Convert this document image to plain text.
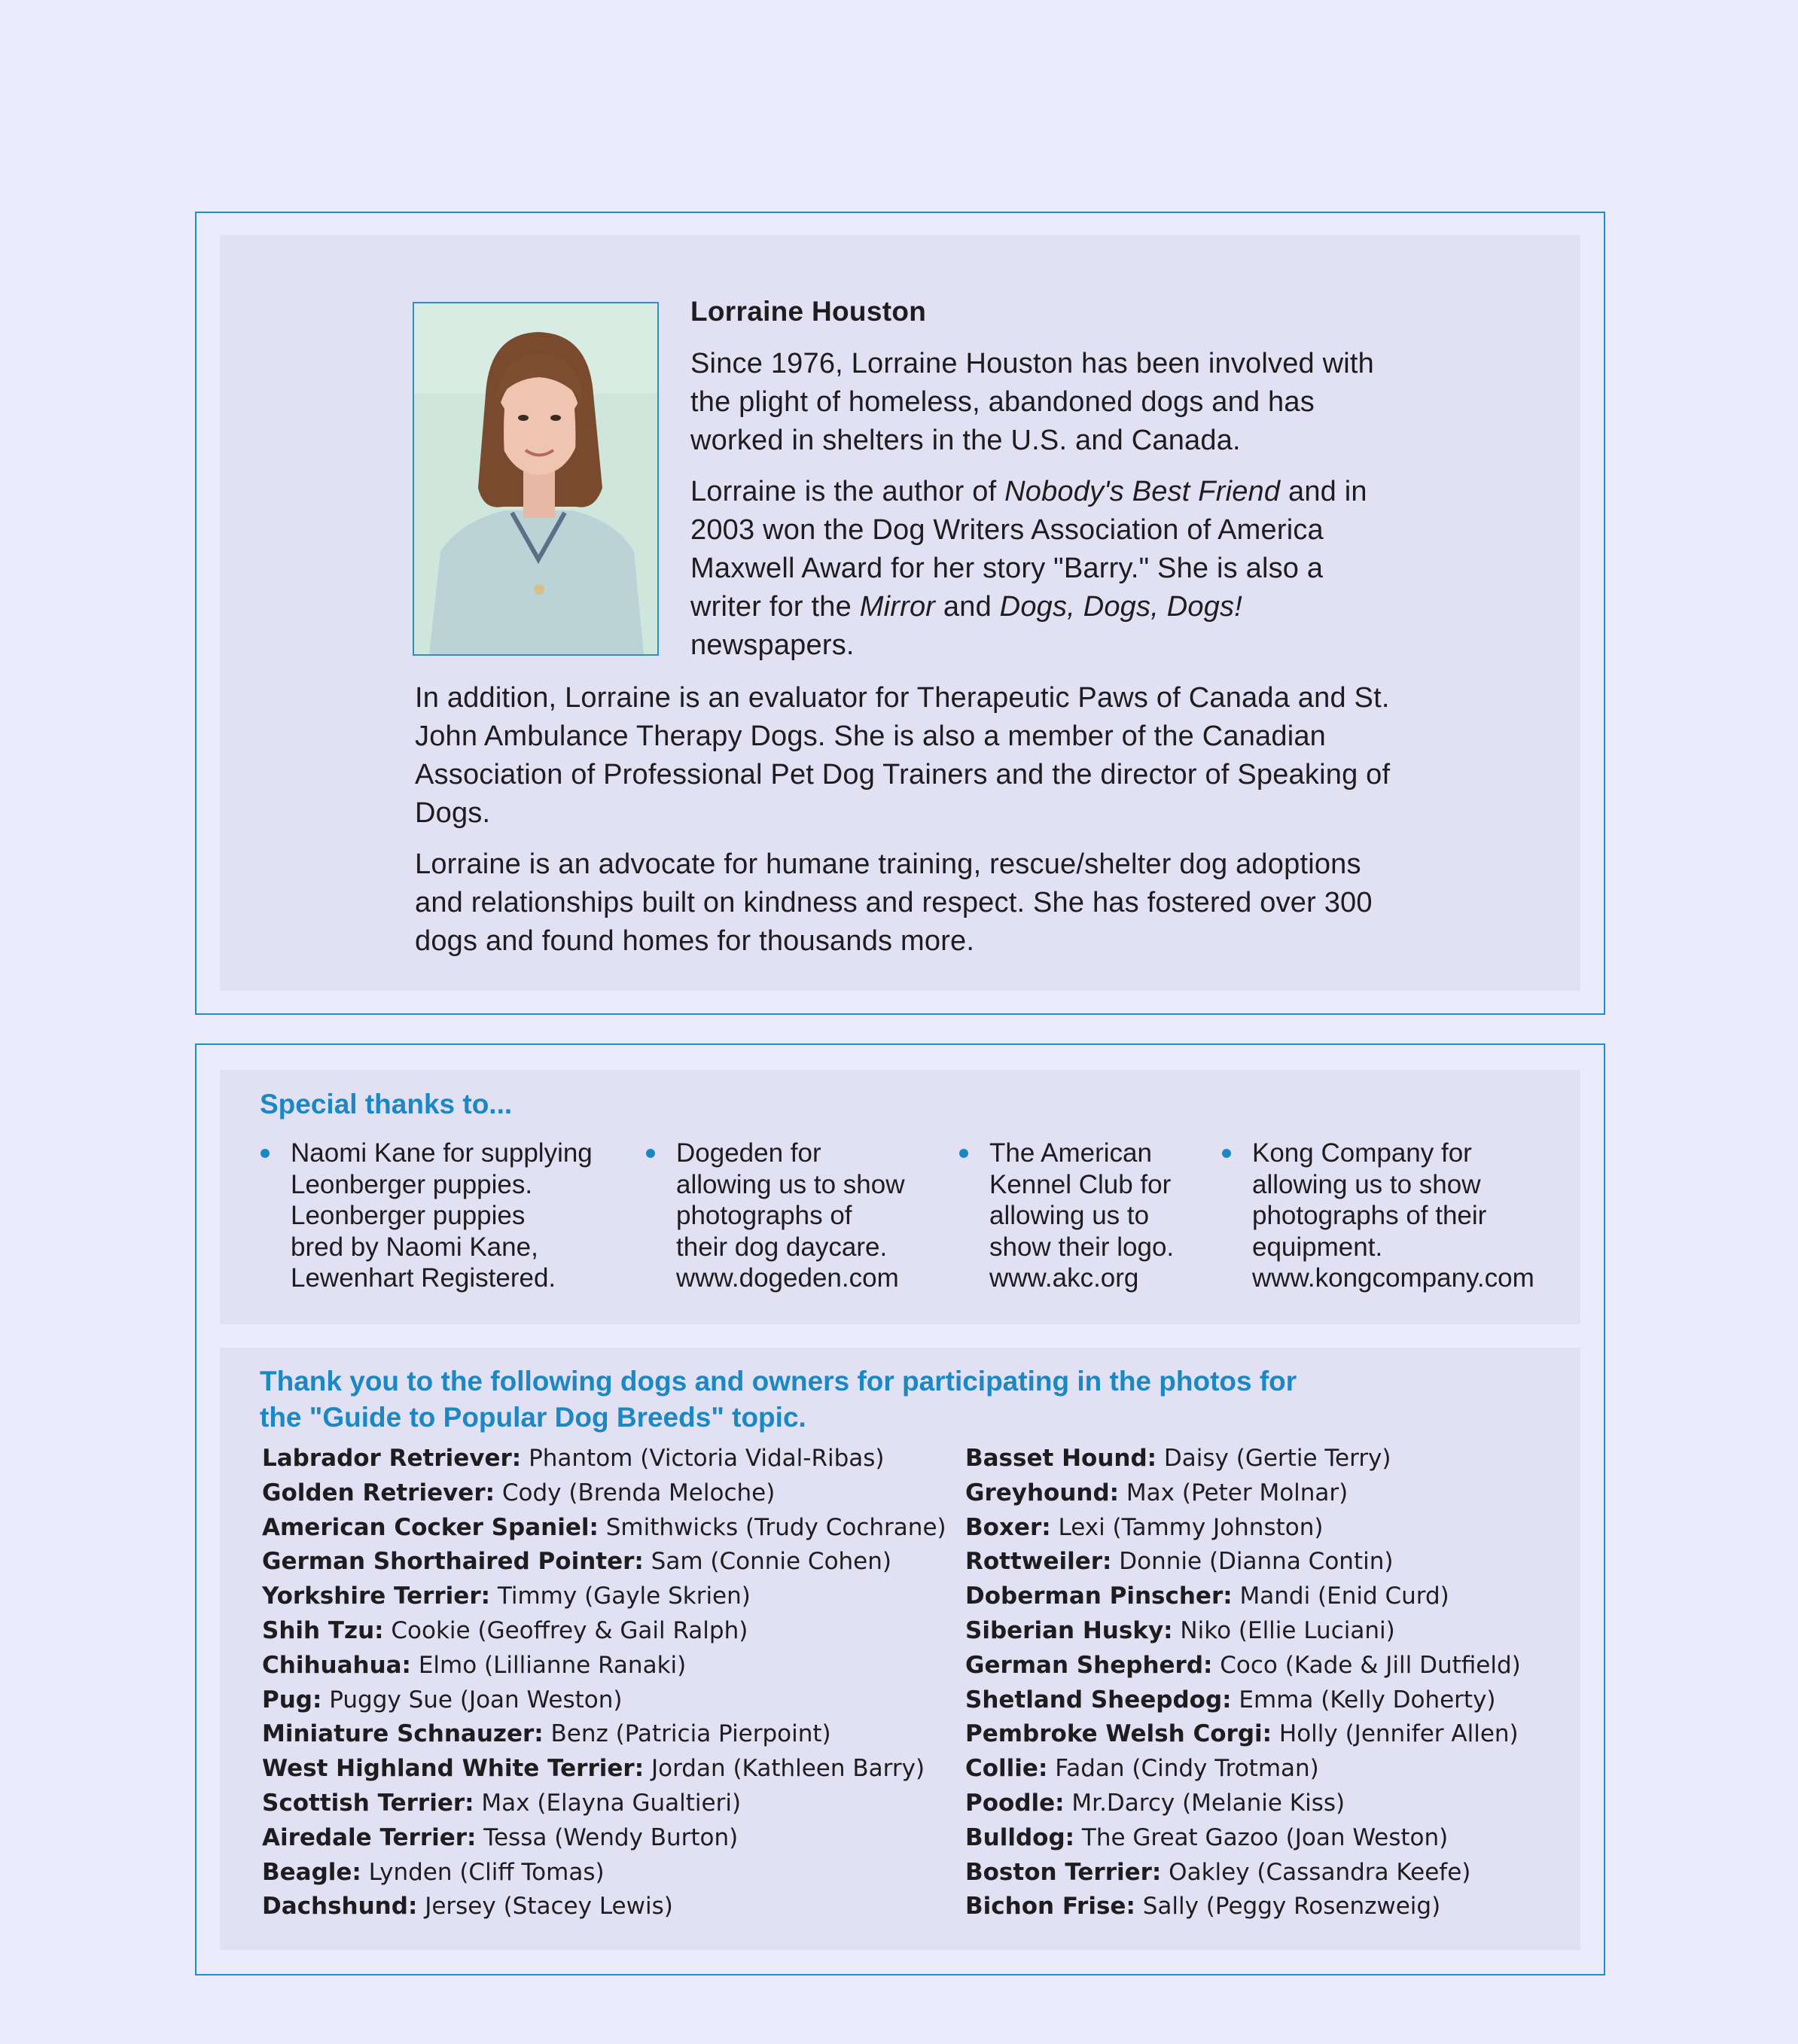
Lorraine Houston

Since 1976, Lorraine Houston has been involved with the plight of homeless, abandoned dogs and has worked in shelters in the U.S. and Canada.

Lorraine is the author of Nobody's Best Friend and in 2003 won the Dog Writers Association of America Maxwell Award for her story "Barry." She is also a writer for the Mirror and Dogs, Dogs, Dogs! newspapers.

In addition, Lorraine is an evaluator for Therapeutic Paws of Canada and St. John Ambulance Therapy Dogs. She is also a member of the Canadian Association of Professional Pet Dog Trainers and the director of Speaking of Dogs.

Lorraine is an advocate for humane training, rescue/shelter dog adoptions and relationships built on kindness and respect. She has fostered over 300 dogs and found homes for thousands more.

Special thanks to...
Naomi Kane for supplying
Leonberger puppies.
Leonberger puppies
bred by Naomi Kane,
Lewenhart Registered.
Dogeden for
allowing us to show
photographs of
their dog daycare.
www.dogeden.com
The American
Kennel Club for
allowing us to
show their logo.
www.akc.org
Kong Company for
allowing us to show
photographs of their
equipment.
www.kongcompany.com
Thank you to the following dogs and owners for participating in the photos for
the "Guide to Popular Dog Breeds" topic.
Labrador Retriever: Phantom (Victoria Vidal-Ribas)
Golden Retriever: Cody (Brenda Meloche)
American Cocker Spaniel: Smithwicks (Trudy Cochrane)
German Shorthaired Pointer: Sam (Connie Cohen)
Yorkshire Terrier: Timmy (Gayle Skrien)
Shih Tzu: Cookie (Geoffrey & Gail Ralph)
Chihuahua: Elmo (Lillianne Ranaki)
Pug: Puggy Sue (Joan Weston)
Miniature Schnauzer: Benz (Patricia Pierpoint)
West Highland White Terrier: Jordan (Kathleen Barry)
Scottish Terrier: Max (Elayna Gualtieri)
Airedale Terrier: Tessa (Wendy Burton)
Beagle: Lynden (Cliff Tomas)
Dachshund: Jersey (Stacey Lewis)
Basset Hound: Daisy (Gertie Terry)
Greyhound: Max (Peter Molnar)
Boxer: Lexi (Tammy Johnston)
Rottweiler: Donnie (Dianna Contin)
Doberman Pinscher: Mandi (Enid Curd)
Siberian Husky: Niko (Ellie Luciani)
German Shepherd: Coco (Kade & Jill Dutfield)
Shetland Sheepdog: Emma (Kelly Doherty)
Pembroke Welsh Corgi: Holly (Jennifer Allen)
Collie: Fadan (Cindy Trotman)
Poodle: Mr.Darcy (Melanie Kiss)
Bulldog: The Great Gazoo (Joan Weston)
Boston Terrier: Oakley (Cassandra Keefe)
Bichon Frise: Sally (Peggy Rosenzweig)
